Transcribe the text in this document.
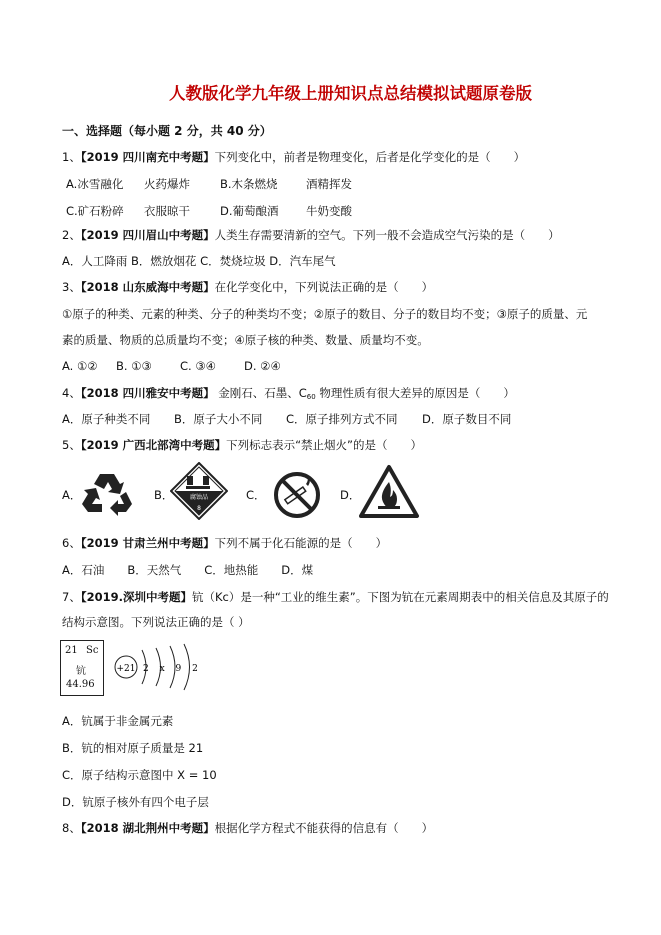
人教版化学九年级上册知识点总结模拟试题原卷版
一、选择题（每小题 2 分，共 40 分）
1、【2019 四川南充中考题】下列变化中，前者是物理变化，后者是化学变化的是（　　）
A.冰雪融化 火药爆炸	B.木条燃烧 酒精挥发
C.矿石粉碎 衣服晾干	D.葡萄酿酒 牛奶变酸
2、【2019 四川眉山中考题】人类生存需要清新的空气。下列一般不会造成空气污染的是（　　）
A．人工降雨 B．燃放烟花 C．焚烧垃圾 D．汽车尾气
3、【2018 山东威海中考题】在化学变化中，下列说法正确的是（　　）
①原子的种类、元素的种类、分子的种类均不变；②原子的数目、分子的数目均不变；③原子的质量、元
素的质量、物质的总质量均不变；④原子核的种类、数量、质量均不变。
A. ①② B. ①③ C. ③④ D. ②④
4、【2018 四川雅安中考题】 金刚石、石墨、C60 物理性质有很大差异的原因是（　　）
A．原子种类不同 B．原子大小不同 C．原子排列方式不同 D．原子数目不同
5、【2019 广西北部湾中考题】下列标志表示“禁止烟火”的是（　　）
A．	B．	腐蚀品
8
C．	D．
6、【2019 甘肃兰州中考题】下列不属于化石能源的是（　　）
A．石油　　B．天然气　　C．地热能　　D．煤
7、【2019.深圳中考题】钪（Kc）是一种“工业的维生素”。下图为钪在元素周期表中的相关信息及其原子的
结构示意图。下列说法正确的是（ ）
21 Sc
钪
44.96
+21 2 x 9 2
A．钪属于非金属元素
B．钪的相对原子质量是 21
C．原子结构示意图中 X = 10
D．钪原子核外有四个电子层
8、【2018 湖北荆州中考题】根据化学方程式不能获得的信息有（　　）
